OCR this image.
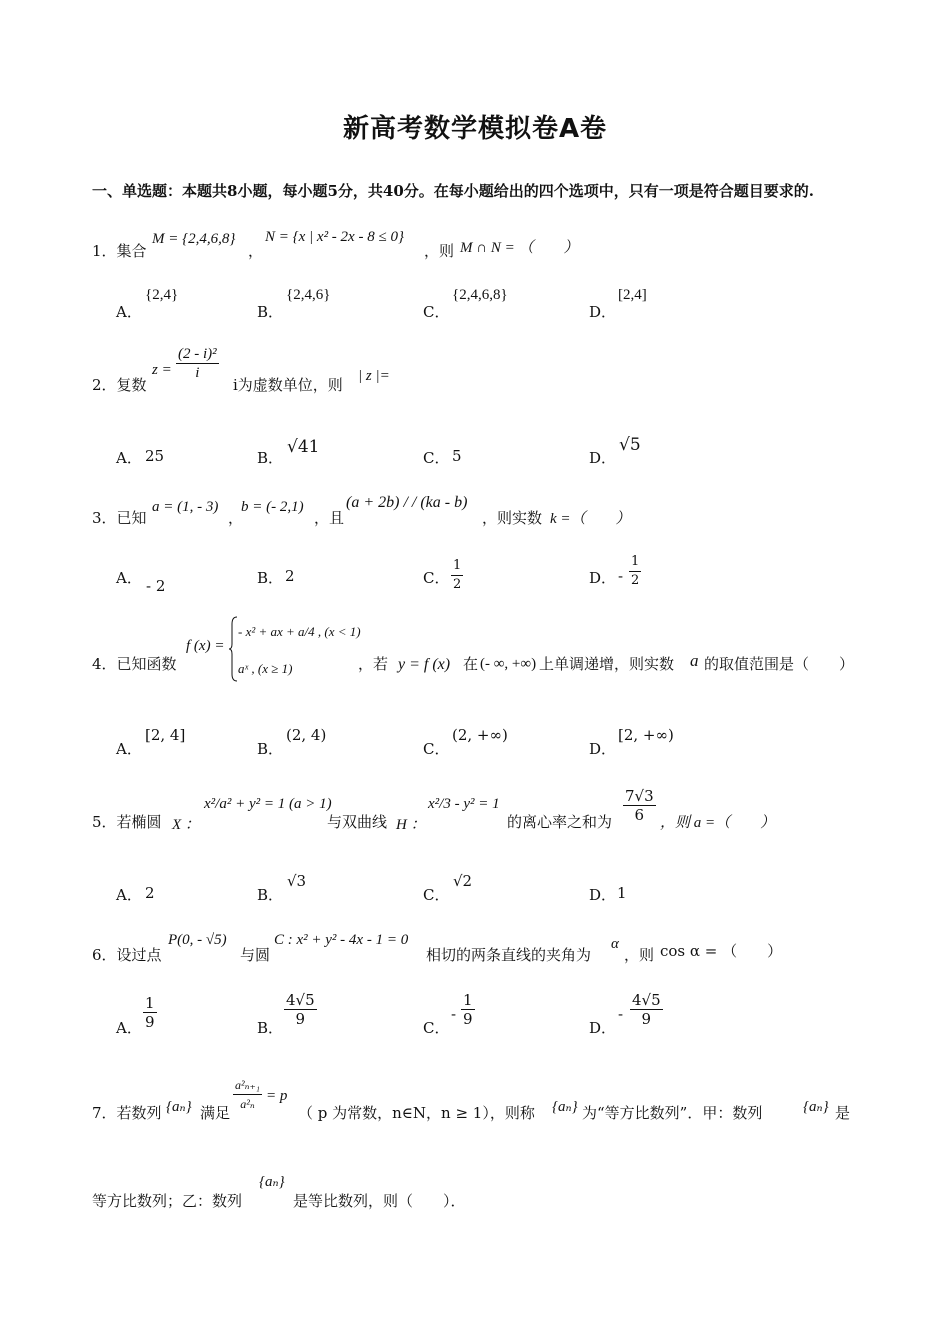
新高考数学模拟卷A卷
一、单选题：本题共8小题，每小题5分，共40分。在每小题给出的四个选项中，只有一项是符合题目要求的.
1．集合
M = {2,4,6,8}
，
N = {x | x² - 2x - 8 ≤ 0}
，则 M ∩ N = （　　）
A．
{2,4}
B．
{2,4,6}
C．
{2,4,6,8}
D．
[2,4]
2．复数
$z = \frac{\text{(2 - i)²}}{i}$
i为虚数单位，则 | z |=
A． 25	B．
√41
C． 5	D．
√5
3．已知
a = (1, - 3)
，
b = (- 2,1)
，且
(a + 2b) / / (ka - b)
，则实数 k =（　　）
A． - 2	B． 2	C． $\frac{1}{2}$	D． - $\frac{1}{2}$
4．已知函数
f (x) =
- x² + ax + a/4 , (x < 1)
aˣ , (x ≥ 1)	，若 y = f (x) 在 (- ∞, +∞) 上单调递增，则实数 a 的取值范围是（　　）
A．
[2, 4]
B．
(2, 4)
C．
(2, +∞)
D．
[2, +∞)
5．若椭圆 X ：
x²/a² + y² = 1 (a > 1)
与双曲线 H ：
x²/3 - y² = 1
的离心率之和为 $\frac{7√3}{6}$ ，则 a =（　　）
A． 2	B．
√3
C．
√2
D． 1
6．设过点
P(0, - √5)
与圆
C : x² + y² - 4x - 1 = 0
相切的两条直线的夹角为
α
，则 cos α = （　　）
A． $\frac{1}{9}$	B． $\frac{4√5}{9}$	C．
- $\frac{1}{9}$	D．
- $\frac{4√5}{9}$
7．若数列 {aₙ} 满足 $\frac{\text{a²ₙ₊₁}}{\text{a²ₙ}} = p$
（ p 为常数，n∈N，n ≥ 1），则称 {aₙ} 为“等方比数列”．甲：数列	{aₙ} 是
等方比数列；乙：数列
{aₙ}
是等比数列，则（　　）．
